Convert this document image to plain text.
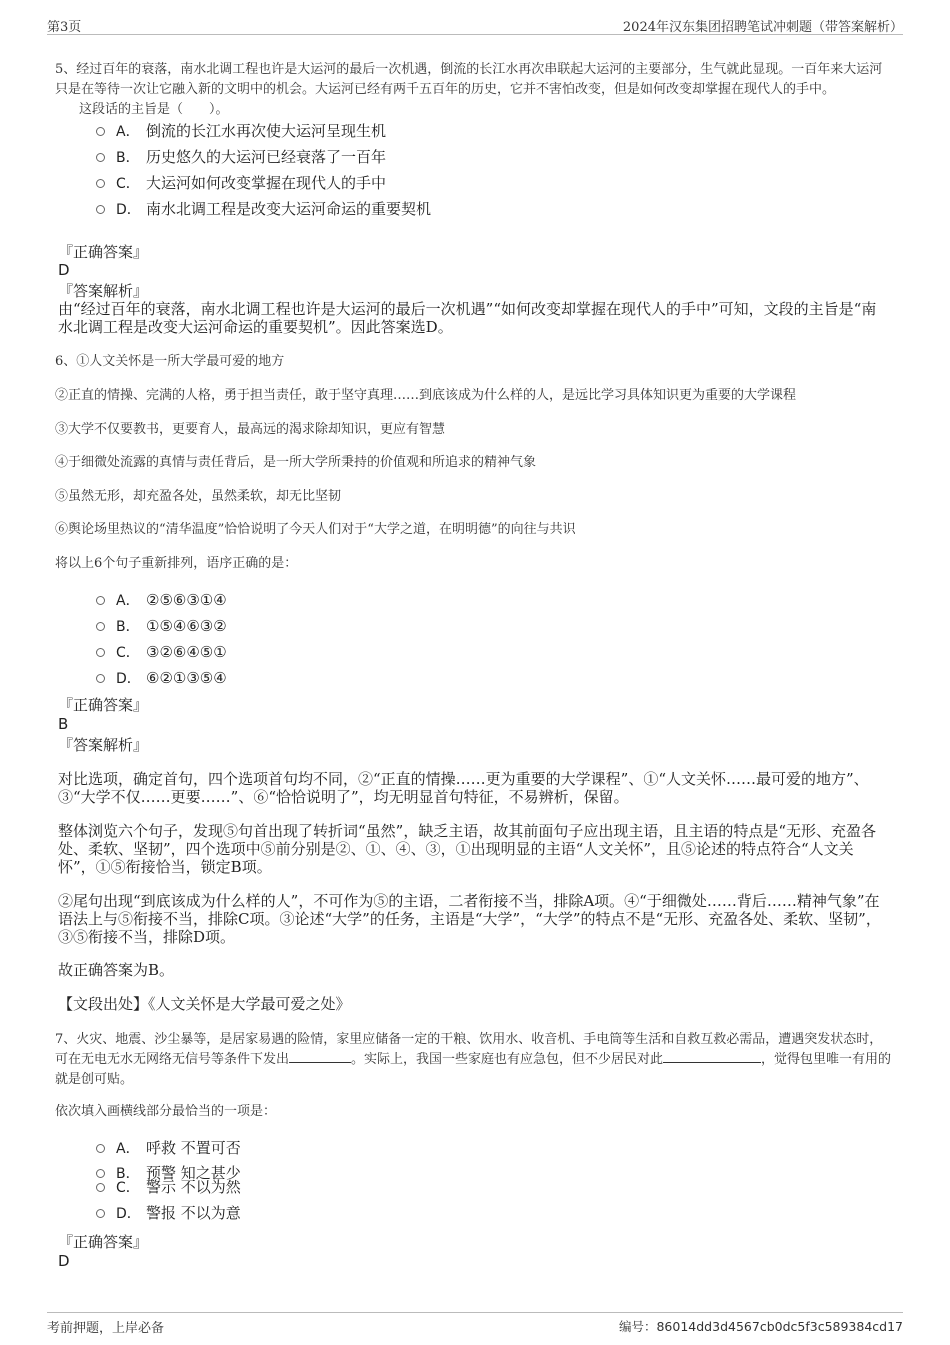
第3页	2024年汉东集团招聘笔试冲刺题（带答案解析）
5、经过百年的衰落，南水北调工程也许是大运河的最后一次机遇，倒流的长江水再次串联起大运河的主要部分，生气就此显现。一百年来大运河只是在等待一次让它融入新的文明中的机会。大运河已经有两千五百年的历史，它并不害怕改变，但是如何改变却掌握在现代人的手中。
这段话的主旨是（　　）。
A． 倒流的长江水再次使大运河呈现生机
B． 历史悠久的大运河已经衰落了一百年
C． 大运河如何改变掌握在现代人的手中
D． 南水北调工程是改变大运河命运的重要契机
『正确答案』
D
『答案解析』
由“经过百年的衰落，南水北调工程也许是大运河的最后一次机遇”“如何改变却掌握在现代人的手中”可知，文段的主旨是“南水北调工程是改变大运河命运的重要契机”。因此答案选D。
6、①人文关怀是一所大学最可爱的地方
②正直的情操、完满的人格，勇于担当责任，敢于坚守真理……到底该成为什么样的人，是远比学习具体知识更为重要的大学课程
③大学不仅要教书，更要育人，最高远的渴求除却知识，更应有智慧
④于细微处流露的真情与责任背后，是一所大学所秉持的价值观和所追求的精神气象
⑤虽然无形，却充盈各处，虽然柔软，却无比坚韧
⑥舆论场里热议的“清华温度”恰恰说明了今天人们对于“大学之道，在明明德”的向往与共识
将以上6个句子重新排列，语序正确的是：
A． ②⑤⑥③①④
B． ①⑤④⑥③②
C． ③②⑥④⑤①
D． ⑥②①③⑤④
『正确答案』
B
『答案解析』
对比选项，确定首句，四个选项首句均不同，②“正直的情操……更为重要的大学课程”、①“人文关怀……最可爱的地方”、③“大学不仅……更要……”、⑥“恰恰说明了”，均无明显首句特征，不易辨析，保留。
整体浏览六个句子，发现⑤句首出现了转折词“虽然”，缺乏主语，故其前面句子应出现主语，且主语的特点是“无形、充盈各处、柔软、坚韧”，四个选项中⑤前分别是②、①、④、③，①出现明显的主语“人文关怀”，且⑤论述的特点符合“人文关怀”，①⑤衔接恰当，锁定B项。
②尾句出现“到底该成为什么样的人”，不可作为⑤的主语，二者衔接不当，排除A项。④“于细微处……背后……精神气象”在语法上与⑤衔接不当，排除C项。③论述“大学”的任务，主语是“大学”，“大学”的特点不是“无形、充盈各处、柔软、坚韧”，③⑤衔接不当，排除D项。
故正确答案为B。
【文段出处】《人文关怀是大学最可爱之处》
7、火灾、地震、沙尘暴等，是居家易遇的险情，家里应储备一定的干粮、饮用水、收音机、手电筒等生活和自救互救必需品，遭遇突发状态时，可在无电无水无网络无信号等条件下发出	。实际上，我国一些家庭也有应急包，但不少居民对此	，觉得包里唯一有用的就是创可贴。
依次填入画横线部分最恰当的一项是：
A． 呼救 不置可否
B． 预警 知之甚少
C． 警示 不以为然
D． 警报 不以为意
『正确答案』
D
考前押题，上岸必备	编号：86014dd3d4567cb0dc5f3c589384cd17
